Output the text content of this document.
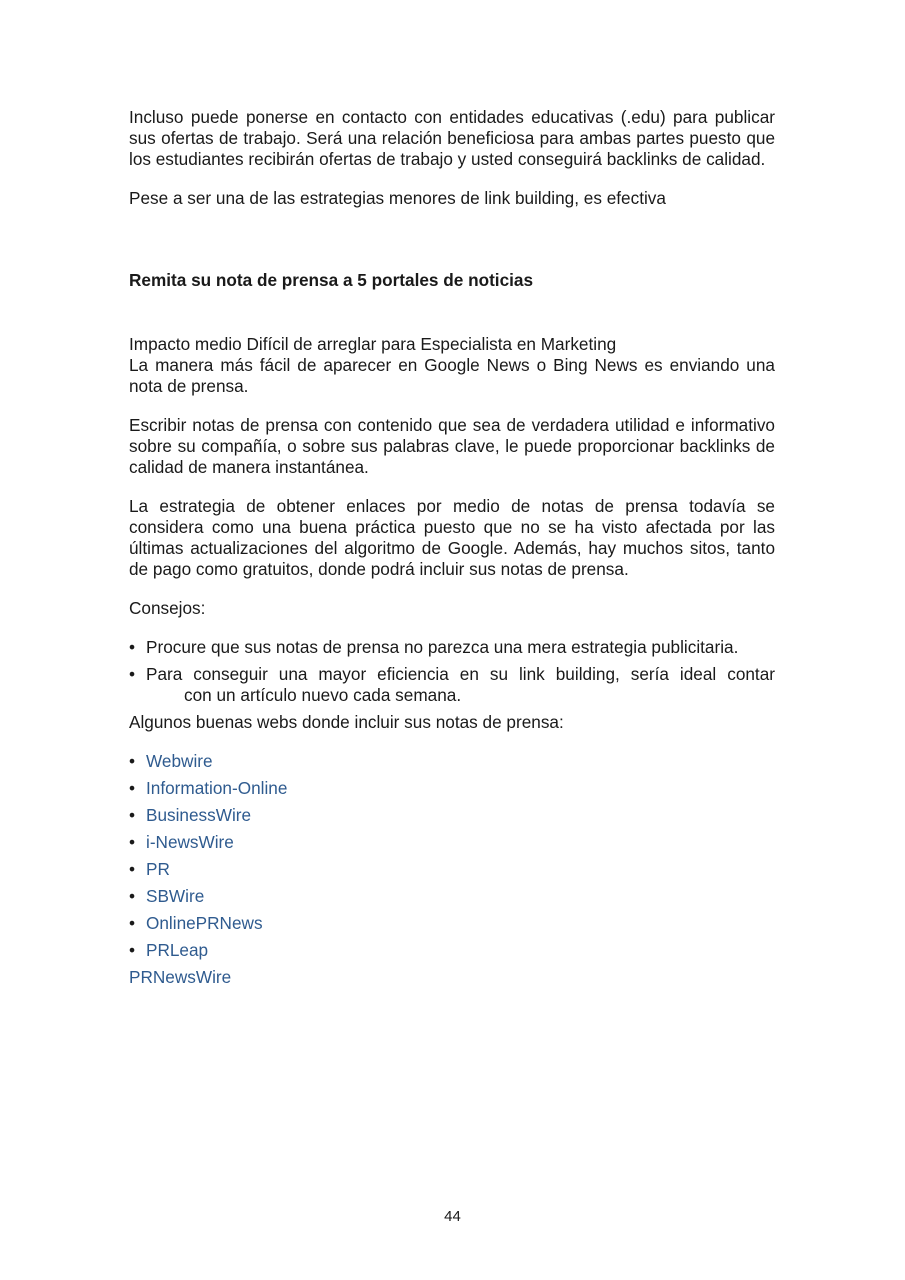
Incluso puede ponerse en contacto con entidades educativas (.edu) para publicar sus ofertas de trabajo. Será una relación beneficiosa para ambas partes puesto que los estudiantes recibirán ofertas de trabajo y usted conseguirá backlinks de calidad.

Pese a ser una de las estrategias menores de link building, es efectiva

Remita su nota de prensa a 5 portales de noticias

Impacto medio Difícil de arreglar para Especialista en Marketing

La manera más fácil de aparecer en Google News o Bing News es enviando una nota de prensa.

Escribir notas de prensa con contenido que sea de verdadera utilidad e informativo sobre su compañía, o sobre sus palabras clave, le puede proporcionar backlinks de calidad de manera instantánea.

La estrategia de obtener enlaces por medio de notas de prensa todavía se considera como una buena práctica puesto que no se ha visto afectada por las últimas actualizaciones del algoritmo de Google. Además, hay muchos sitos, tanto de pago como gratuitos, donde podrá incluir sus notas de prensa.

Consejos:

• Procure que sus notas de prensa no parezca una mera estrategia publicitaria.
• Para conseguir una mayor eficiencia en su link building, sería ideal contar
con un artículo nuevo cada semana.

Algunos buenas webs donde incluir sus notas de prensa:

• Webwire
• Information-Online
• BusinessWire
• i-NewsWire
• PR
• SBWire
• OnlinePRNews
• PRLeap
PRNewsWire
44
